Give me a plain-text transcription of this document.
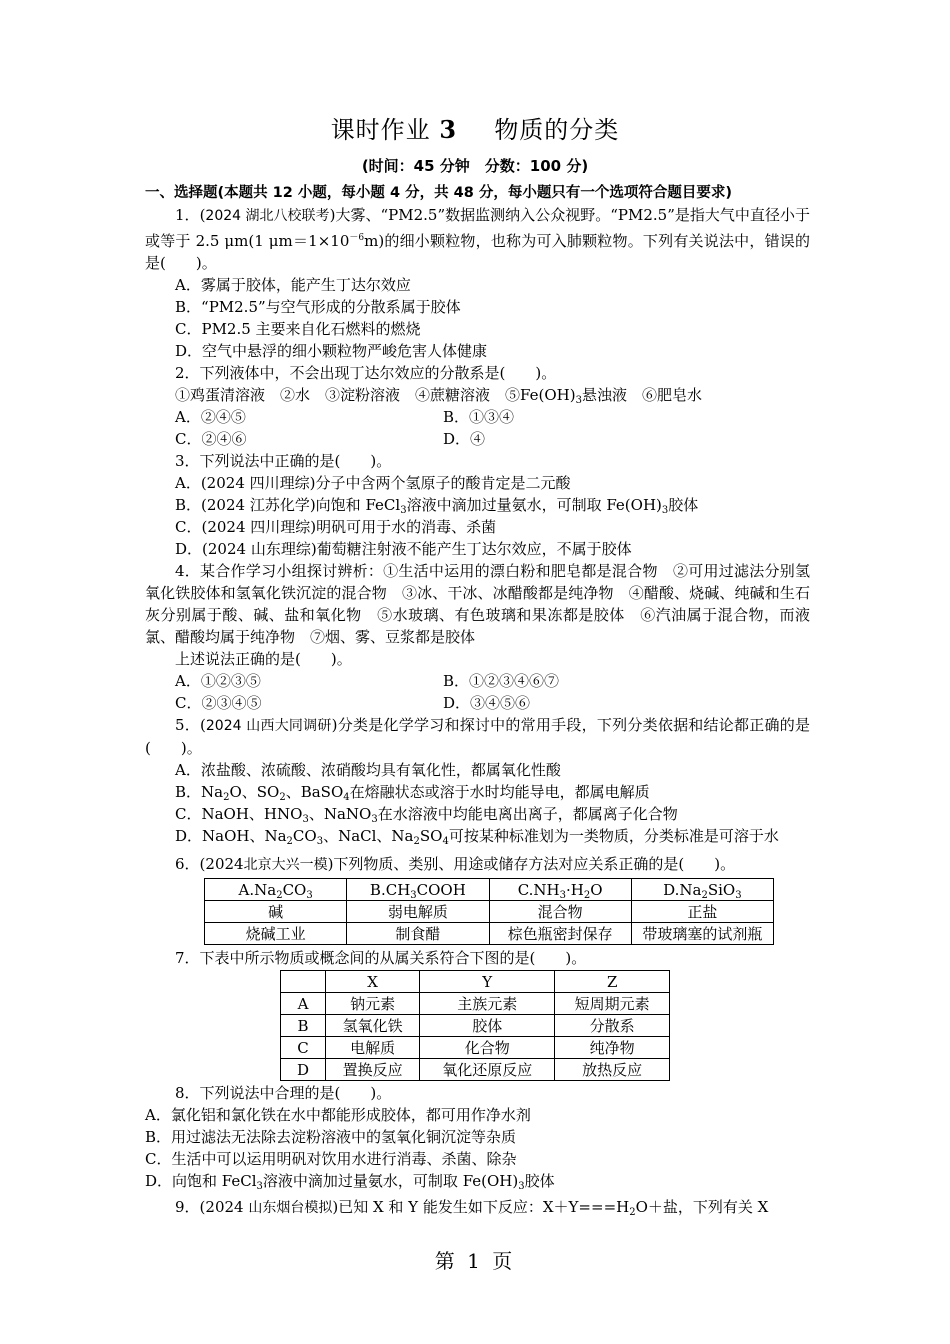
课时作业 3 物质的分类
(时间：45 分钟　分数：100 分)
一、选择题(本题共 12 小题，每小题 4 分，共 48 分，每小题只有一个选项符合题目要求)
1．(2024 湖北八校联考)大雾、“PM2.5”数据监测纳入公众视野。“PM2.5”是指大气中直径小于或等于 2.5 μm(1 $\mu m=1\times 10^{-6}m$)的细小颗粒物，也称为可入肺颗粒物。下列有关说法中，错误的是(　　)。
A．雾属于胶体，能产生丁达尔效应
B．“PM2.5”与空气形成的分散系属于胶体
C．PM2.5 主要来自化石燃料的燃烧
D．空气中悬浮的细小颗粒物严峻危害人体健康
2．下列液体中，不会出现丁达尔效应的分散系是(　　)。
①鸡蛋清溶液　②水　③淀粉溶液　④蔗糖溶液　$⑤Fe(OH)_3$悬浊液　⑥肥皂水
A．②④⑤	B．①③④
C．②④⑥	D．④
3．下列说法中正确的是(　　)。
A．(2024 四川理综)分子中含两个氢原子的酸肯定是二元酸
B．(2024 江苏化学)向饱和 FeCl$_3$溶液中滴加过量氨水，可制取 $Fe(OH)_3$胶体
C．(2024 四川理综)明矾可用于水的消毒、杀菌
D．(2024 山东理综)葡萄糖注射液不能产生丁达尔效应，不属于胶体
4．某合作学习小组探讨辨析：①生活中运用的漂白粉和肥皂都是混合物　②可用过滤法分别氢氧化铁胶体和氢氧化铁沉淀的混合物　③冰、干冰、冰醋酸都是纯净物　④醋酸、烧碱、纯碱和生石灰分别属于酸、碱、盐和氧化物　⑤水玻璃、有色玻璃和果冻都是胶体　⑥汽油属于混合物，而液氯、醋酸均属于纯净物　⑦烟、雾、豆浆都是胶体
上述说法正确的是(　　)。
A．①②③⑤	B．①②③④⑥⑦
C．②③④⑤	D．③④⑤⑥
5．(2024 山西大同调研)分类是化学学习和探讨中的常用手段，下列分类依据和结论都正确的是(　　)。
A．浓盐酸、浓硫酸、浓硝酸均具有氧化性，都属氧化性酸
B．$Na_2O$、$SO_2$、BaSO$_4$在熔融状态或溶于水时均能导电，都属电解质
C．NaOH、$HNO_3$、NaNO$_3$在水溶液中均能电离出离子，都属离子化合物
D．NaOH、$Na_2CO_3$、NaCl、$Na_2SO_4$可按某种标准划为一类物质，分类标准是可溶于水
6．(2024北京大兴一模)下列物质、类别、用途或储存方法对应关系正确的是(　　)。
$A.Na_2CO_3$	$B.CH_3COOH$	$C.NH_3\cdot H_2O$	$D.Na_2SiO_3$
碱	弱电解质	混合物	正盐
烧碱工业	制食醋	棕色瓶密封保存	带玻璃塞的试剂瓶
7．下表中所示物质或概念间的从属关系符合下图的是(　　)。
	X	Y	Z
A	钠元素	主族元素	短周期元素
B	氢氧化铁	胶体	分散系
C	电解质	化合物	纯净物
D	置换反应	氧化还原反应	放热反应
8．下列说法中合理的是(　　)。
A．氯化铝和氯化铁在水中都能形成胶体，都可用作净水剂
B．用过滤法无法除去淀粉溶液中的氢氧化铜沉淀等杂质
C．生活中可以运用明矾对饮用水进行消毒、杀菌、除杂
D．向饱和 FeCl$_3$溶液中滴加过量氨水，可制取 $Fe(OH)_3$胶体
9．(2024 山东烟台模拟)已知 X 和 Y 能发生如下反应：$X+Y===H_2O+$盐，下列有关 X
第 1 页
